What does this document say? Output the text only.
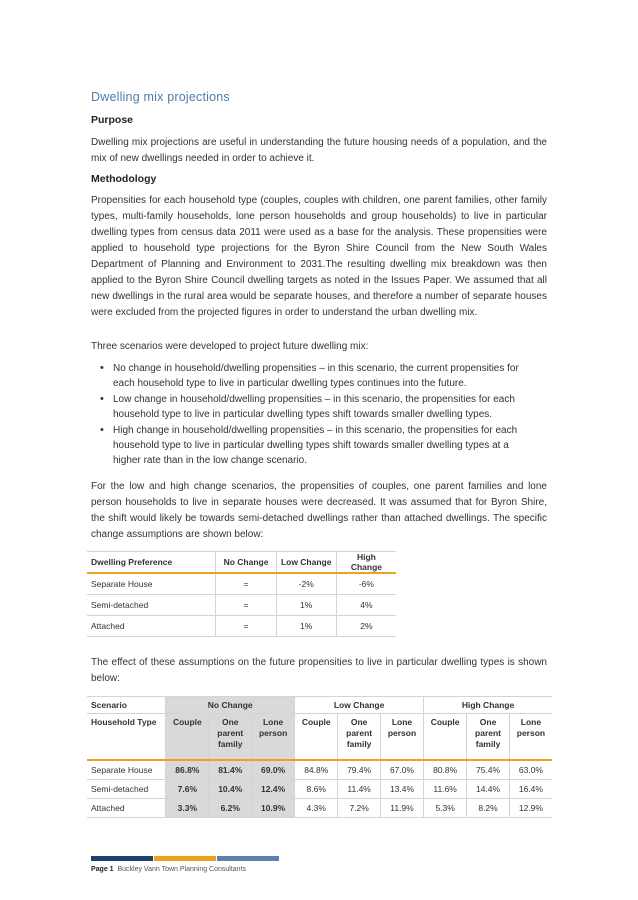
Dwelling mix projections
Purpose
Dwelling mix projections are useful in understanding the future housing needs of a population, and the mix of new dwellings needed in order to achieve it.
Methodology
Propensities for each household type (couples, couples with children, one parent families, other family types, multi-family households, lone person households and group households) to live in particular dwelling types from census data 2011 were used as a base for the analysis. These propensities were applied to household type projections for the Byron Shire Council from the New South Wales Department of Planning and Environment to 2031.The resulting dwelling mix breakdown was then applied to the Byron Shire Council dwelling targets as noted in the Issues Paper. We assumed that all new dwellings in the rural area would be separate houses, and therefore a number of separate houses were excluded from the projected figures in order to understand the urban dwelling mix.
Three scenarios were developed to project future dwelling mix:
• No change in household/dwelling propensities – in this scenario, the current propensities for each household type to live in particular dwelling types continues into the future.
• Low change in household/dwelling propensities – in this scenario, the propensities for each household type to live in particular dwelling types shift towards smaller dwelling types.
• High change in household/dwelling propensities – in this scenario, the propensities for each household type to live in particular dwelling types shift towards smaller dwelling types at a higher rate than in the low change scenario.
For the low and high change scenarios, the propensities of couples, one parent families and lone person households to live in separate houses were decreased. It was assumed that for Byron Shire, the shift would likely be towards semi-detached dwellings rather than attached dwellings. The specific change assumptions are shown below:
The effect of these assumptions on the future propensities to live in particular dwelling types is shown below:
Dwelling Preference	No Change	Low Change	High Change
Separate House	=	-2%	-6%
Semi-detached	=	1%	4%
Attached	=	1%	2%
Scenario	No Change			Low Change			High Change		
Household Type	Couple	One parent family	Lone person	Couple	One parent family	Lone person	Couple	One parent family	Lone person
Separate House	86.8%	81.4%	69.0%	84.8%	79.4%	67.0%	80.8%	75.4%	63.0%
Semi-detached	7.6%	10.4%	12.4%	8.6%	11.4%	13.4%	11.6%	14.4%	16.4%
Attached	3.3%	6.2%	10.9%	4.3%	7.2%	11.9%	5.3%	8.2%	12.9%
Page 1 Buckley Vann Town Planning Consultants
